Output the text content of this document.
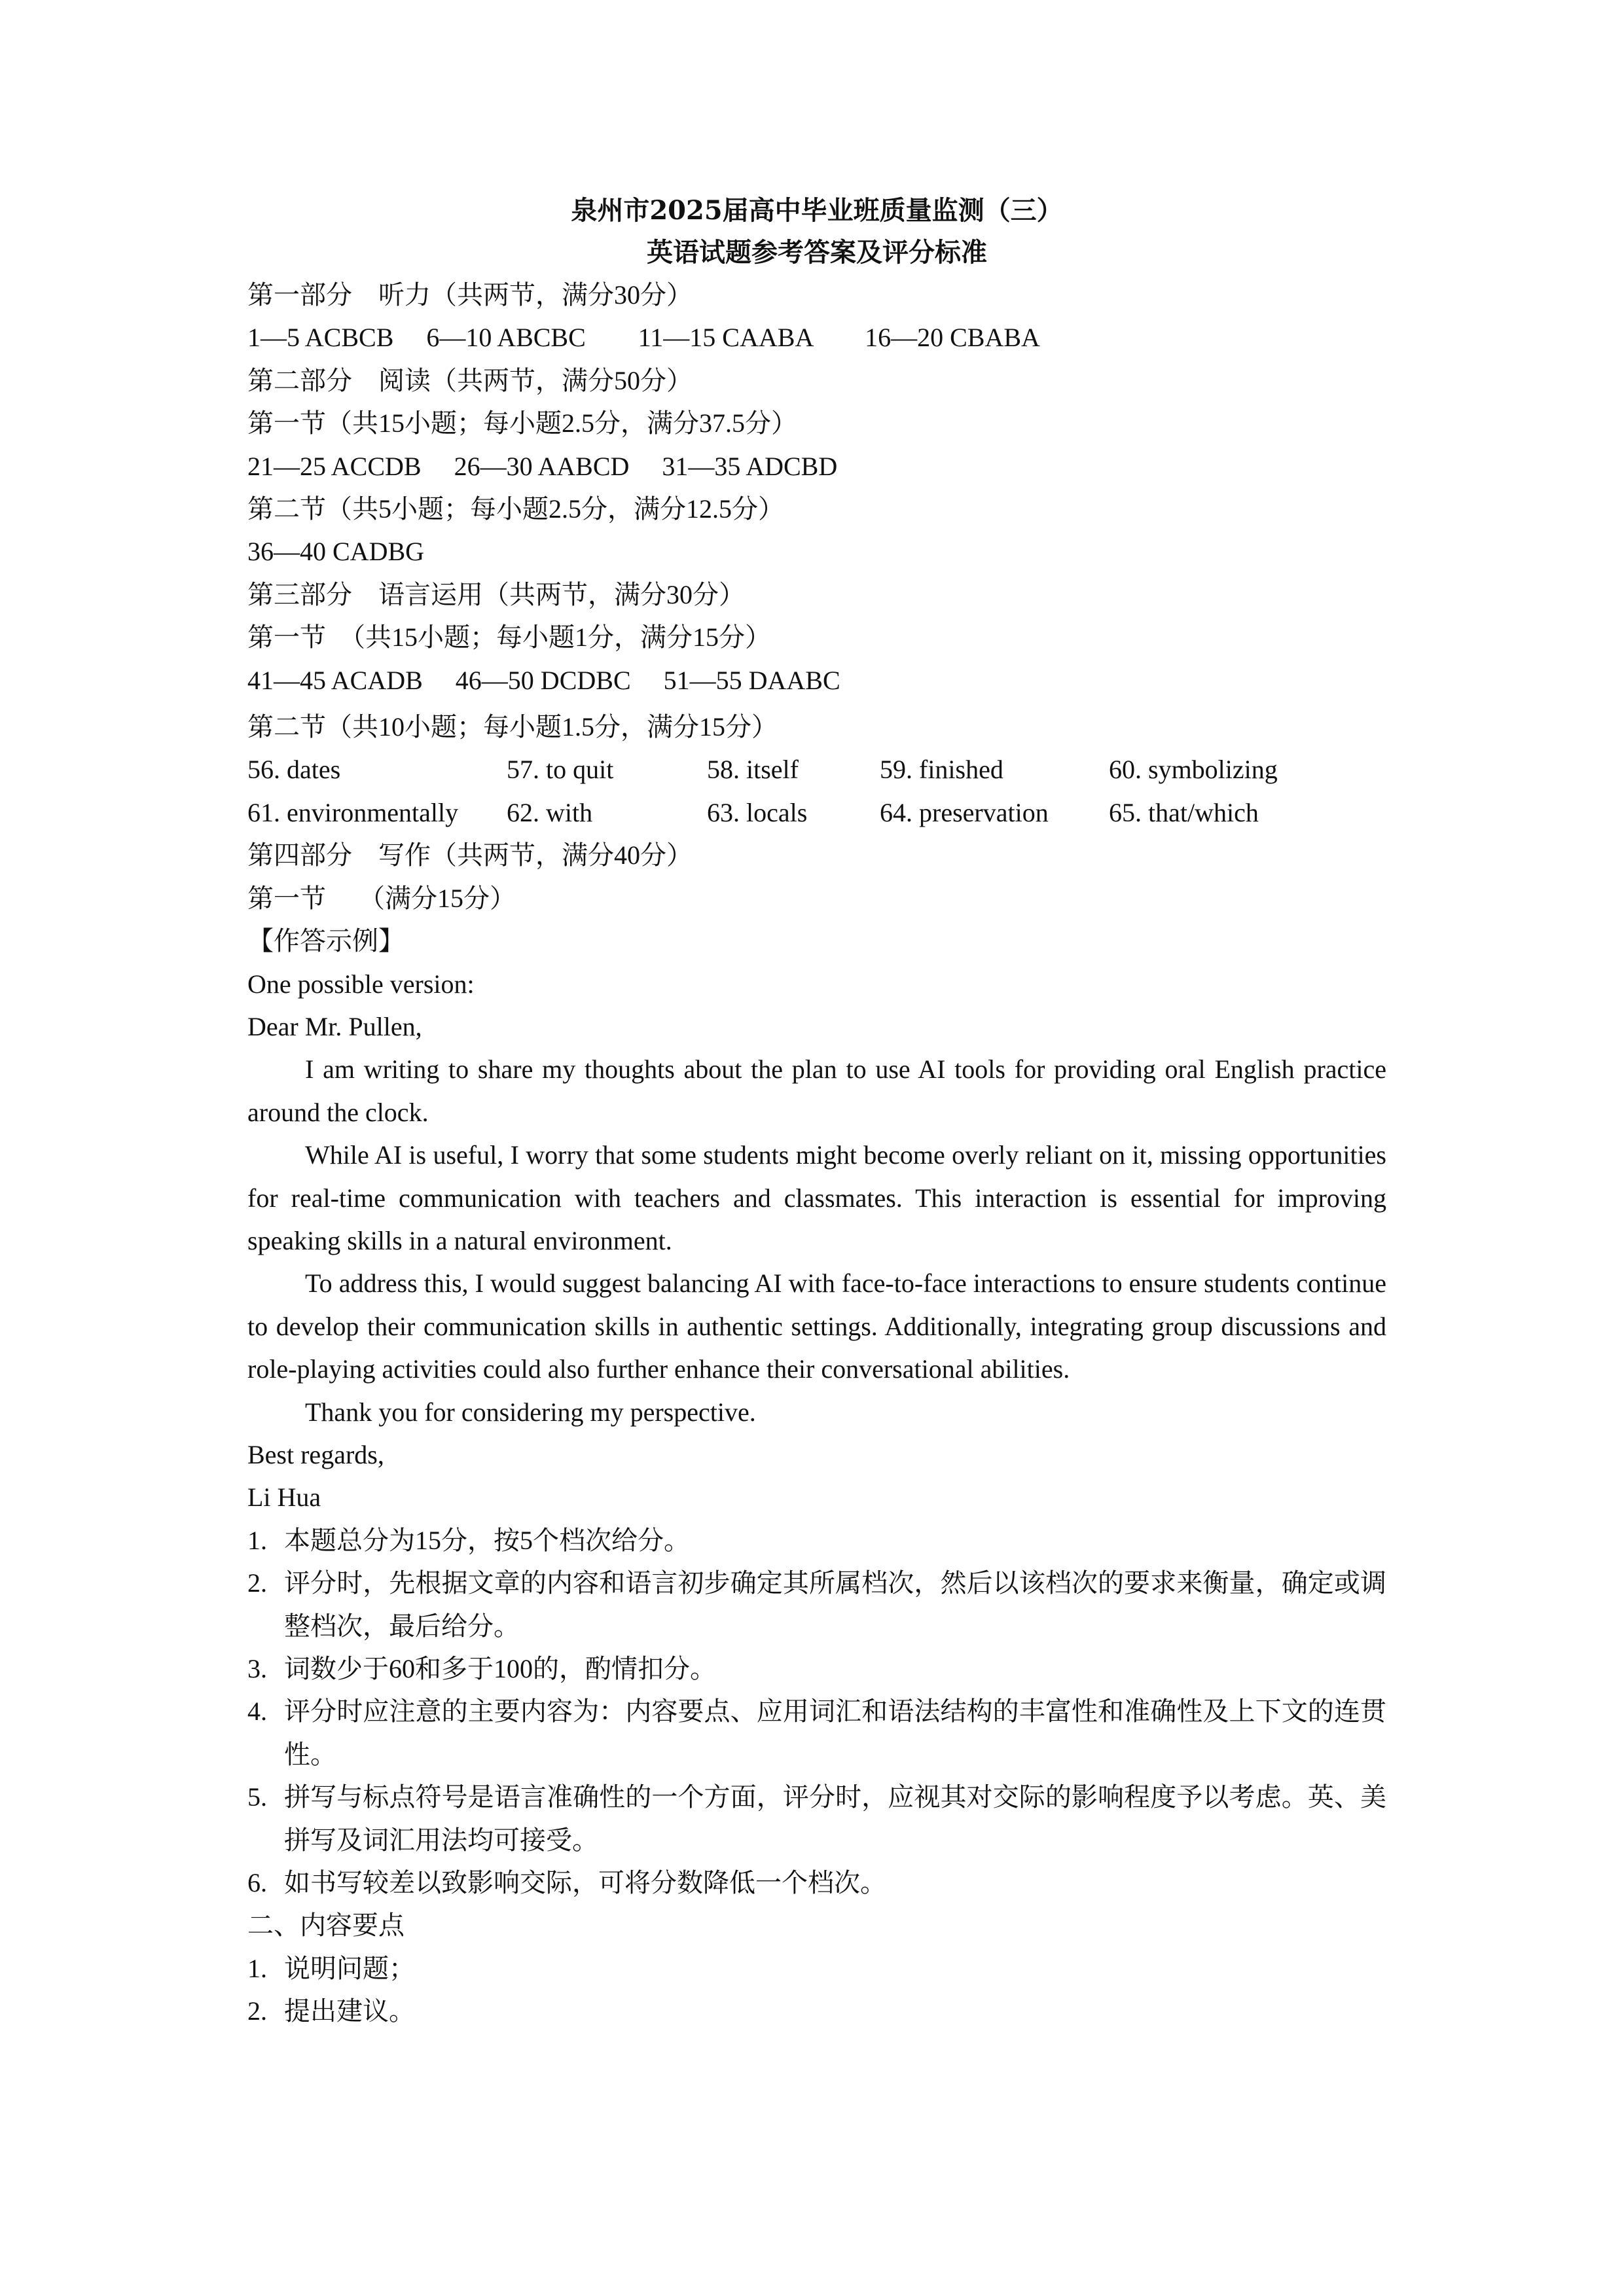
泉州市2025届高中毕业班质量监测（三）

英语试题参考答案及评分标准

第一部分　听力（共两节，满分30分）

1—5 ACBCB　 6—10 ABCBC　　11—15 CAABA　　16—20 CBABA

第二部分　阅读（共两节，满分50分）

第一节（共15小题；每小题2.5分，满分37.5分）

21—25 ACCDB　 26—30 AABCD　 31—35 ADCBD

第二节（共5小题；每小题2.5分，满分12.5分）

36—40 CADBG

第三部分　语言运用（共两节，满分30分）

第一节　（共15小题；每小题1分，满分15分）

41—45 ACADB　 46—50 DCDBC　 51—55 DAABC

第二节（共10小题；每小题1.5分，满分15分）

56. dates	57. to quit	58. itself	59. finished	60. symbolizing
61. environmentally	62. with	63. locals	64. preservation	65. that/which

第四部分　写作（共两节，满分40分）

第一节　 （满分15分）

【作答示例】

One possible version:

Dear Mr. Pullen,

I am writing to share my thoughts about the plan to use AI tools for providing oral English practice around the clock.

While AI is useful, I worry that some students might become overly reliant on it, missing opportunities for real-time communication with teachers and classmates. This interaction is essential for improving speaking skills in a natural environment.

To address this, I would suggest balancing AI with face-to-face interactions to ensure students continue to develop their communication skills in authentic settings. Additionally, integrating group discussions and role-playing activities could also further enhance their conversational abilities.

Thank you for considering my perspective.

Best regards,

Li Hua

1. 本题总分为15分，按5个档次给分。
2. 评分时，先根据文章的内容和语言初步确定其所属档次，然后以该档次的要求来衡量，确定或调整档次，最后给分。
3. 词数少于60和多于100的，酌情扣分。
4. 评分时应注意的主要内容为：内容要点、应用词汇和语法结构的丰富性和准确性及上下文的连贯性。
5. 拼写与标点符号是语言准确性的一个方面，评分时，应视其对交际的影响程度予以考虑。英、美拼写及词汇用法均可接受。
6. 如书写较差以致影响交际，可将分数降低一个档次。

二、内容要点

1. 说明问题；
2. 提出建议。
